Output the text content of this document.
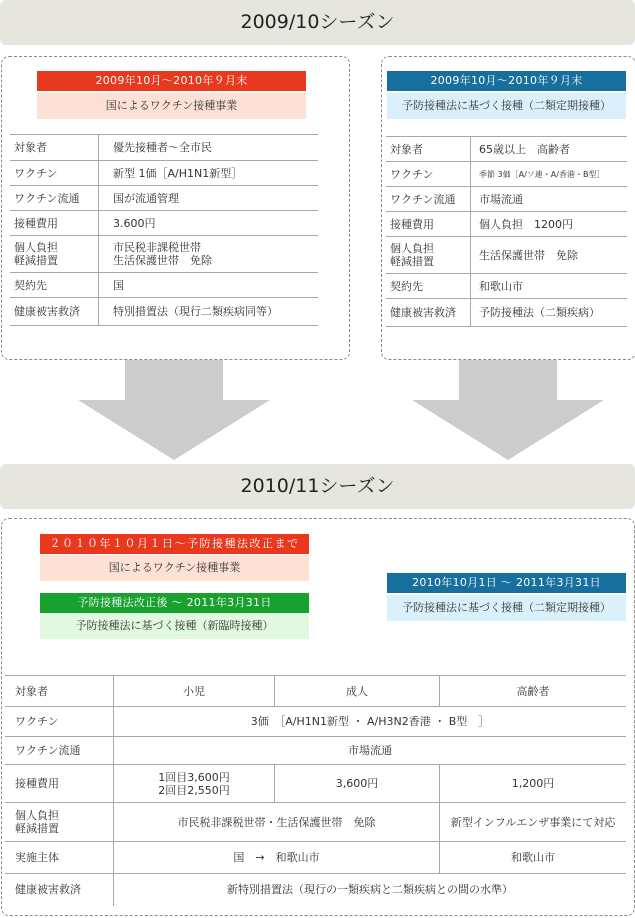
2009/10シーズン
2009年10月〜2010年９月末
国によるワクチン接種事業
対象者	優先接種者〜全市民
ワクチン	新型 1価［A/H1N1新型］
ワクチン流通	国が流通管理
接種費用	3.600円
個人負担
軽減措置	市民税非課税世帯
生活保護世帯　免除
契約先	国
健康被害救済	特別措置法（現行二類疾病同等）
2009年10月〜2010年９月末
予防接種法に基づく接種（二類定期接種）
対象者	65歳以上　高齢者
ワクチン	季節 3価［A/ソ連・A/香港・B型］
ワクチン流通	市場流通
接種費用	個人負担　1200円
個人負担
軽減措置	生活保護世帯　免除
契約先	和歌山市
健康被害救済	予防接種法（二類疾病）
2010/11シーズン
２０１０年１０月１日〜予防接種法改正まで
国によるワクチン接種事業
予防接種法改正後 〜 2011年3月31日
予防接種法に基づく接種（新臨時接種）
2010年10月1日 〜 2011年3月31日
予防接種法に基づく接種（二類定期接種）
対象者	小児	成人	高齢者
ワクチン	3価　［A/H1N1新型 ・ A/H3N2香港 ・ B型　］		
ワクチン流通	市場流通		
接種費用	1回目3,600円
2回目2,550円	3,600円	1,200円
個人負担
軽減措置	市民税非課税世帯・生活保護世帯　免除		新型インフルエンザ事業にて対応
実施主体	国　→　和歌山市		和歌山市
健康被害救済	新特別措置法（現行の一類疾病と二類疾病との間の水準）		
